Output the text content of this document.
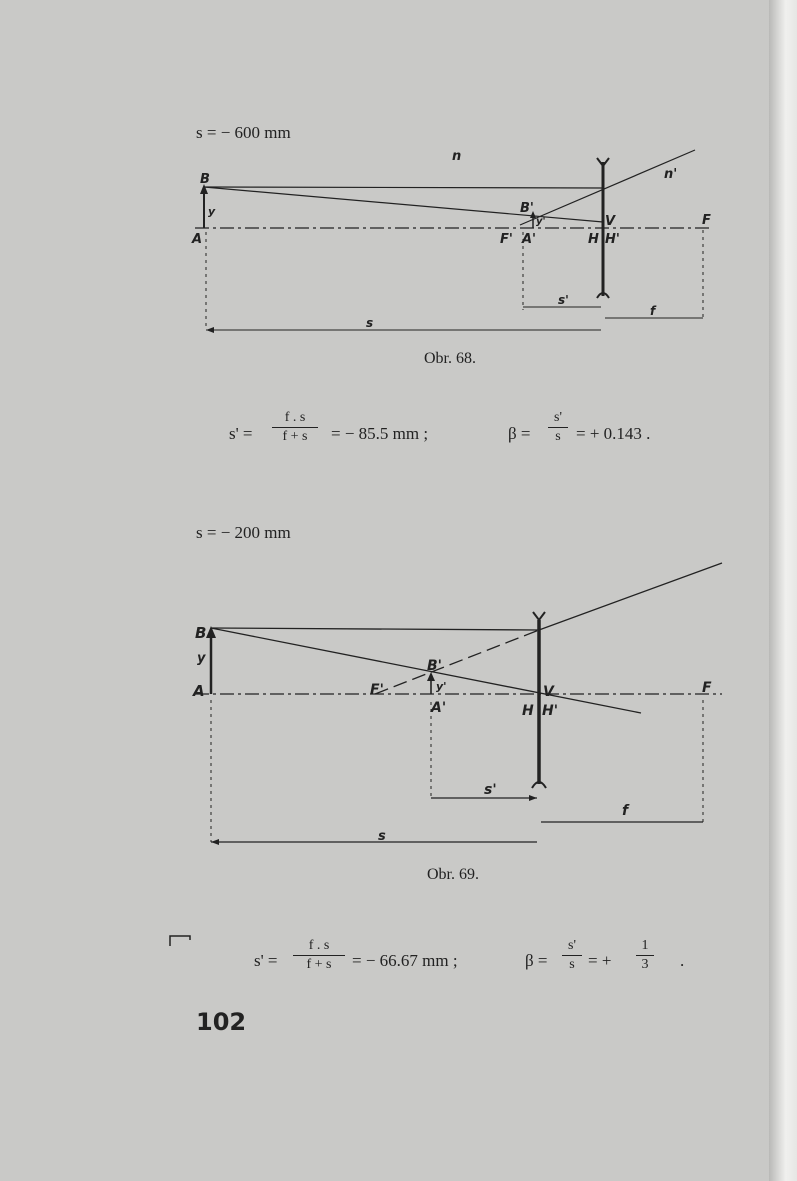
s = − 600 mm
n
n'
B
y
A
B'
y'
F' A'	H H'
V	F
s'
f
s
Obr. 68.
s' =
f . s
f + s	= − 85.5 mm ;	β =
s'
s = + 0.143 .
s = − 200 mm
B
y
A	F'
B'
y'
A'
V
H H'
F
s'
f
s
Obr. 69.
s' =
f . s
f + s	= − 66.67 mm ;	β =
s'
s = +
1
3	.
102
